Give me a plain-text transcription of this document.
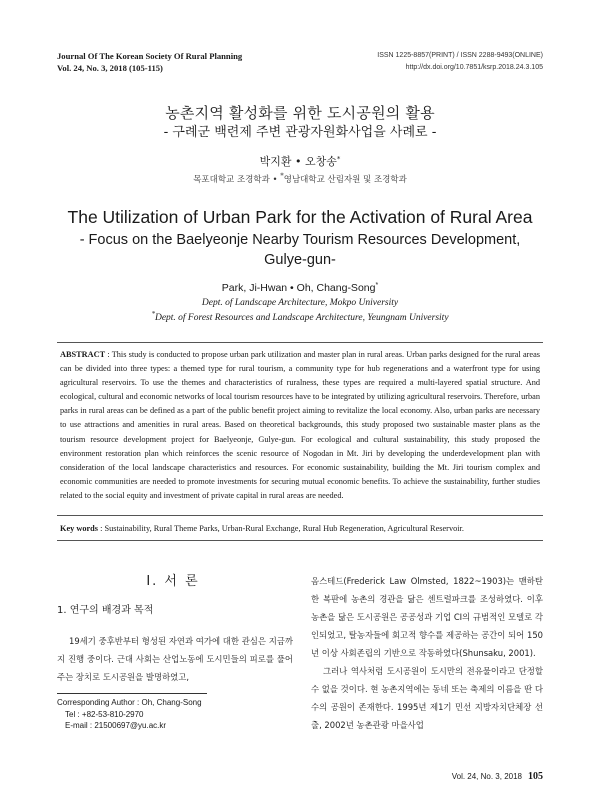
Journal Of The Korean Society Of Rural Planning
Vol. 24, No. 3, 2018 (105-115)
ISSN 1225-8857(PRINT) / ISSN 2288-9493(ONLINE)
http://dx.doi.org/10.7851/ksrp.2018.24.3.105
농촌지역 활성화를 위한 도시공원의 활용
- 구례군 백련제 주변 관광자원화사업을 사례로 -
박지환 • 오창송*
목포대학교 조경학과 • *영남대학교 산림자원 및 조경학과
The Utilization of Urban Park for the Activation of Rural Area
- Focus on the Baelyeonje Nearby Tourism Resources Development, Gulye-gun-
Park, Ji-Hwan • Oh, Chang-Song*
Dept. of Landscape Architecture, Mokpo University
*Dept. of Forest Resources and Landscape Architecture, Yeungnam University
ABSTRACT : This study is conducted to propose urban park utilization and master plan in rural areas. Urban parks designed for the rural areas can be divided into three types: a themed type for rural tourism, a community type for hub regenerations and a waterfront type for using agricultural reservoirs. To use the themes and characteristics of ruralness, these types are required a multi-layered spatial structure. And ecological, cultural and economic networks of local tourism resources have to be integrated by utilizing agricultural reservoirs. Therefore, urban parks in rural areas can be defined as a part of the public benefit project aiming to revitalize the local economy. Also, urban parks are necessary to use attractions and amenities in rural areas. Based on theoretical backgrounds, this study proposed two sustainable master plans as the tourism resource development project for Baelyeonje, Gulye-gun. For ecological and cultural sustainability, this study proposed the environment restoration plan which reinforces the scenic resource of Nogodan in Mt. Jiri by developing the underdevelopment plan with consideration of the local landscape characteristics and resources. For economic sustainability, building the Mt. Jiri tourism complex and economic communities are needed to promote investments for securing mutual economic benefits. To achieve the sustainability, further studies related to the social equity and investment of private capital in rural areas are needed.
Key words : Sustainability, Rural Theme Parks, Urban-Rural Exchange, Rural Hub Regeneration, Agricultural Reservoir.
I. 서 론
1. 연구의 배경과 목적

19세기 중후반부터 형성된 자연과 여가에 대한 관심은 지금까지 진행 중이다. 근대 사회는 산업노동에 도시민들의 피로를 풀어주는 장치로 도시공원을 발명하였고,

옴스테드(Frederick Law Olmsted, 1822~1903)는 맨하탄 한 복판에 농촌의 경관을 닮은 센트럴파크를 조성하였다. 이후 농촌을 닮은 도시공원은 공공성과 기업 CI의 규범적인 모델로 각인되었고, 탈농자들에 회고적 향수를 제공하는 공간이 되어 150년 이상 사회존립의 기반으로 작동하였다(Shunsaku, 2001).

그러나 역사처럼 도시공원이 도시만의 전유물이라고 단정할 수 없을 것이다. 현 농촌지역에는 동네 또는 축제의 이름을 딴 다수의 공원이 존재한다. 1995년 제1기 민선 지방자치단체장 선출, 2002년 농촌관광 마을사업

Corresponding Author : Oh, Chang-Song
Tel : +82-53-810-2970
E-mail : 21500697@yu.ac.kr
Vol. 24, No. 3, 2018 105
